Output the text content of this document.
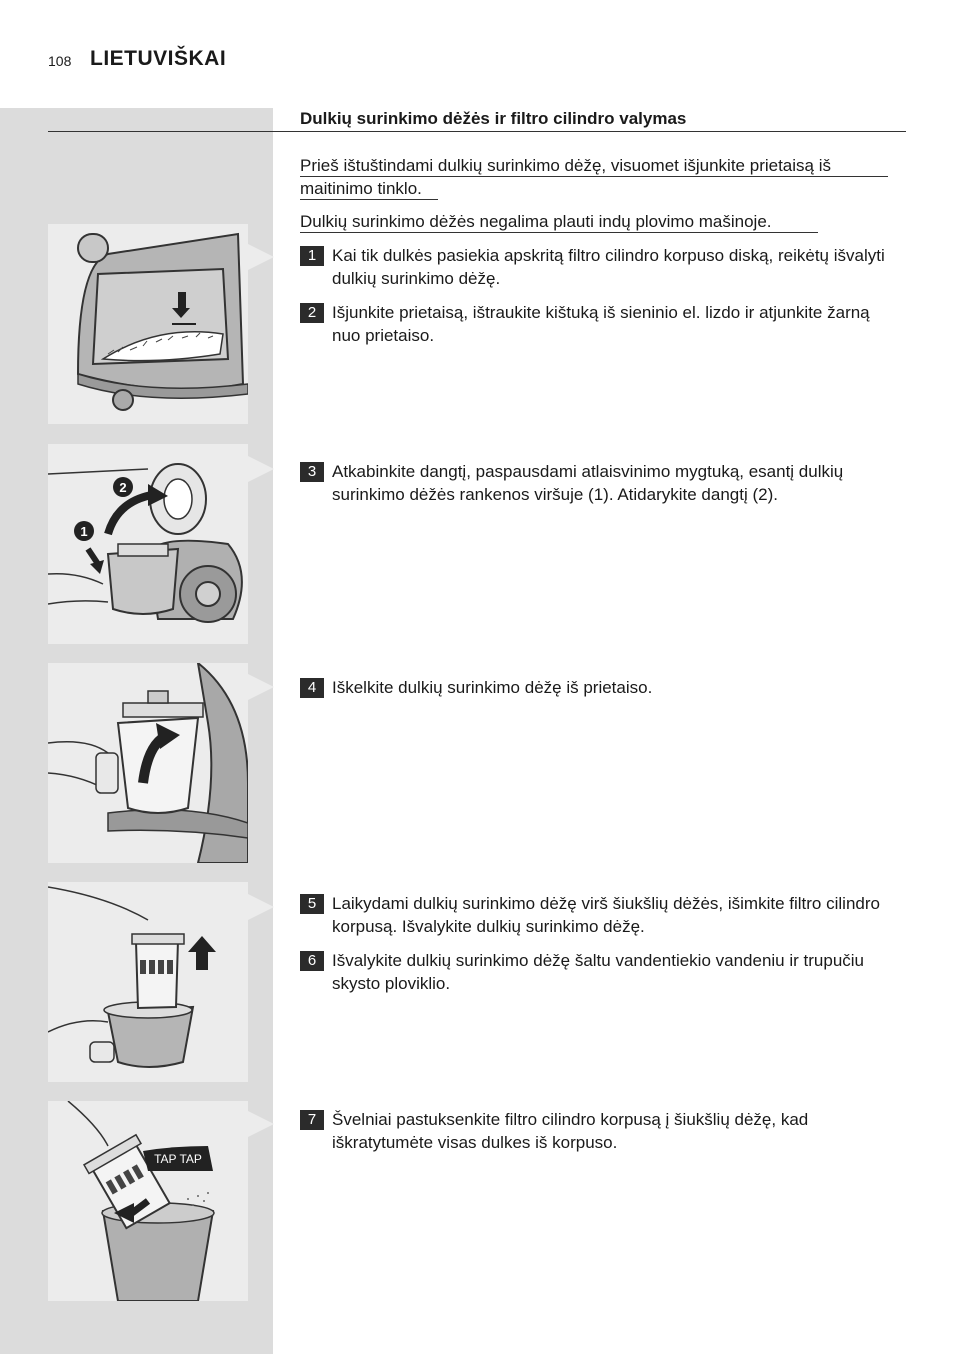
108 LIETUVIŠKAI
Dulkių surinkimo dėžės ir filtro cilindro valymas
Prieš ištuštindami dulkių surinkimo dėžę, visuomet išjunkite prietaisą iš
maitinimo tinklo.
Dulkių surinkimo dėžės negalima plauti indų plovimo mašinoje.
1 Kai tik dulkės pasiekia apskritą filtro cilindro korpuso diską, reikėtų išvalyti dulkių surinkimo dėžę.
2 Išjunkite prietaisą, ištraukite kištuką iš sieninio el. lizdo ir atjunkite žarną nuo prietaiso.
3 Atkabinkite dangtį, paspausdami atlaisvinimo mygtuką, esantį dulkių surinkimo dėžės rankenos viršuje (1). Atidarykite dangtį (2).
4 Iškelkite dulkių surinkimo dėžę iš prietaiso.
5 Laikydami dulkių surinkimo dėžę virš šiukšlių dėžės, išimkite filtro cilindro korpusą. Išvalykite dulkių surinkimo dėžę.
6 Išvalykite dulkių surinkimo dėžę šaltu vandentiekio vandeniu ir trupučiu skysto ploviklio.
7 Švelniai pastuksenkite filtro cilindro korpusą į šiukšlių dėžę, kad iškratytumėte visas dulkes iš korpuso.
2
1
TAP TAP
